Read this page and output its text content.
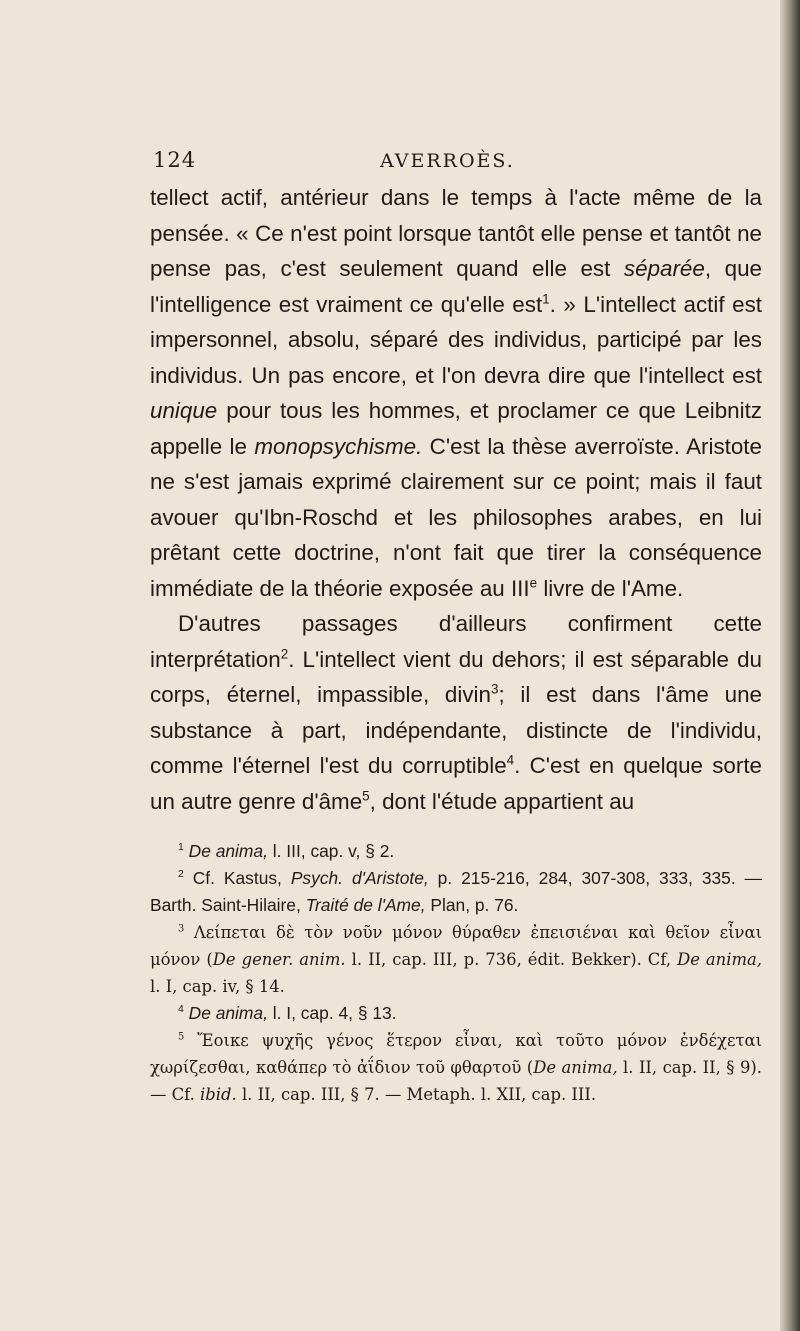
124	AVERROÈS.

tellect actif, antérieur dans le temps à l'acte même de la pensée. « Ce n'est point lorsque tantôt elle pense et tantôt ne pense pas, c'est seulement quand elle est séparée, que l'intelligence est vraiment ce qu'elle est$^1$. » L'intellect actif est impersonnel, absolu, séparé des individus, participé par les individus. Un pas encore, et l'on devra dire que l'intellect est unique pour tous les hommes, et proclamer ce que Leibnitz appelle le monopsychisme. C'est la thèse averroïste. Aristote ne s'est jamais exprimé clairement sur ce point; mais il faut avouer qu'Ibn-Roschd et les philosophes arabes, en lui prêtant cette doctrine, n'ont fait que tirer la conséquence immédiate de la théorie exposée au IIIe livre de l'Ame.

D'autres passages d'ailleurs confirment cette interprétation$^2$. L'intellect vient du dehors; il est séparable du corps, éternel, impassible, divin$^3$; il est dans l'âme une substance à part, indépendante, distincte de l'individu, comme l'éternel l'est du corruptible$^4$. C'est en quelque sorte un autre genre d'âme$^5$, dont l'étude appartient au

$^1$ De anima, l. III, cap. v, § 2.

$^2$ Cf. Kastus, Psych. d'Aristote, p. 215-216, 284, 307-308, 333, 335. —Barth. Saint-Hilaire, Traité de l'Ame, Plan, p. 76.

$^3$ Λείπεται δὲ τὸν νοῦν μόνον θύραθεν ἐπεισιέναι καὶ θεῖον εἶναι μόνον (De gener. anim. l. II, cap. III, p. 736, édit. Bekker). Cf, De anima, l. I, cap. iv, § 14.

$^4$ De anima, l. I, cap. 4, § 13.

$^5$ Ἔοικε ψυχῆς γένος ἕτερον εἶναι, καὶ τοῦτο μόνον ἐνδέχεται χωρίζεσθαι, καθάπερ τὸ ἀΐδιον τοῦ φθαρτοῦ (De anima, l. II, cap. II, § 9). — Cf. ibid. l. II, cap. III, § 7. — Metaph. l. XII, cap. III.
